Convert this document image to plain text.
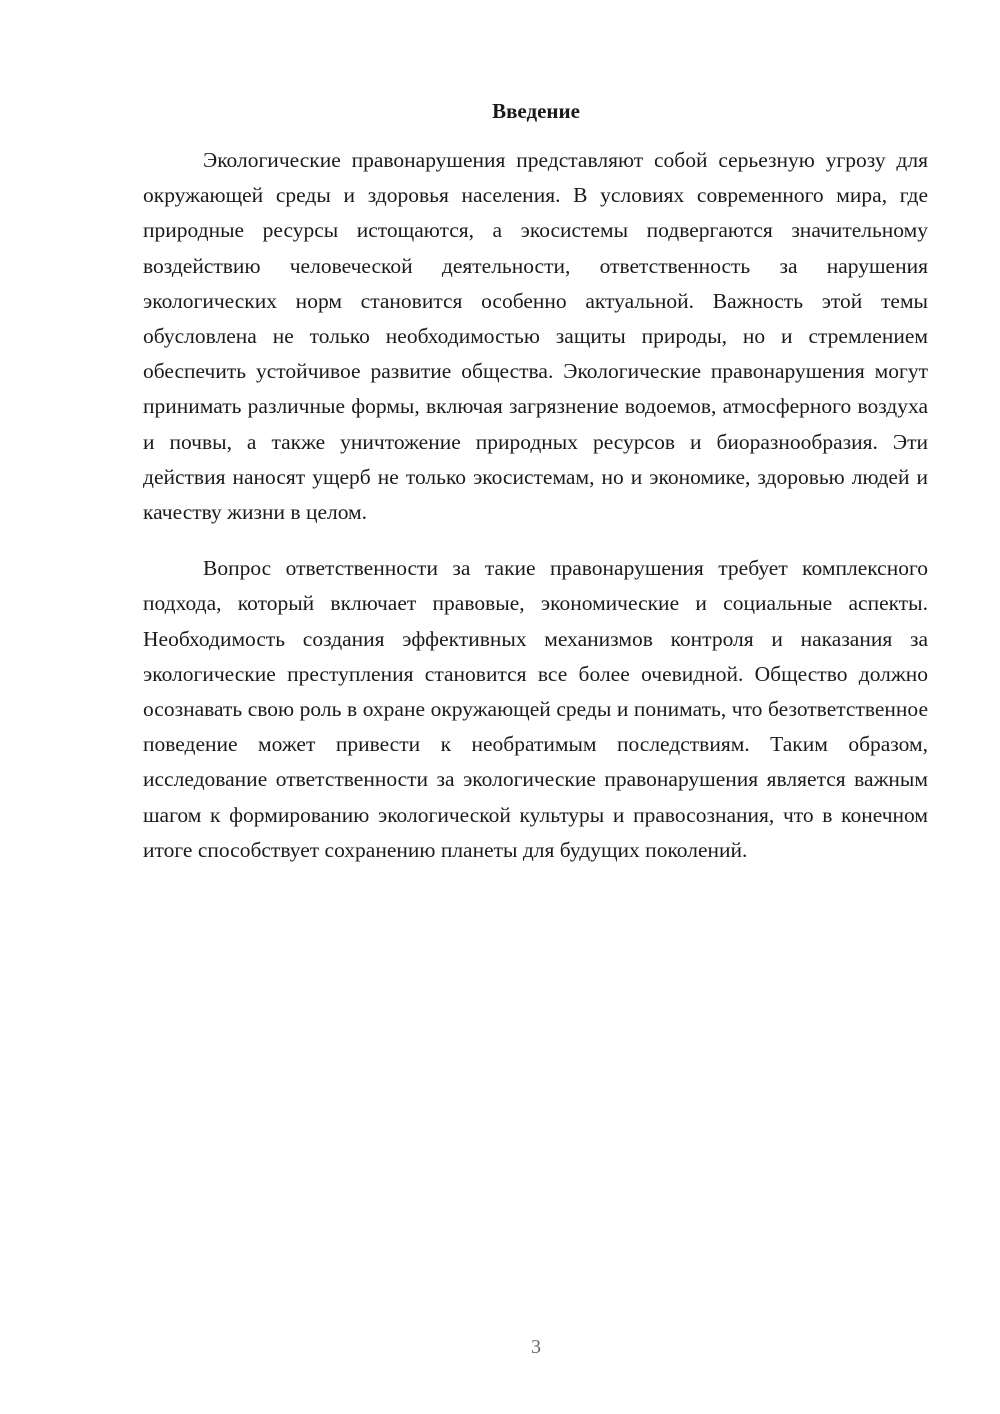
Введение

Экологические правонарушения представляют собой серьезную угрозу для окружающей среды и здоровья населения. В условиях современного мира, где природные ресурсы истощаются, а экосистемы подвергаются значительному воздействию человеческой деятельности, ответственность за нарушения экологических норм становится особенно актуальной. Важность этой темы обусловлена не только необходимостью защиты природы, но и стремлением обеспечить устойчивое развитие общества. Экологические правонарушения могут принимать различные формы, включая загрязнение водоемов, атмосферного воздуха и почвы, а также уничтожение природных ресурсов и биоразнообразия. Эти действия наносят ущерб не только экосистемам, но и экономике, здоровью людей и качеству жизни в целом.

Вопрос ответственности за такие правонарушения требует комплексного подхода, который включает правовые, экономические и социальные аспекты. Необходимость создания эффективных механизмов контроля и наказания за экологические преступления становится все более очевидной. Общество должно осознавать свою роль в охране окружающей среды и понимать, что безответственное поведение может привести к необратимым последствиям. Таким образом, исследование ответственности за экологические правонарушения является важным шагом к формированию экологической культуры и правосознания, что в конечном итоге способствует сохранению планеты для будущих поколений.

3
